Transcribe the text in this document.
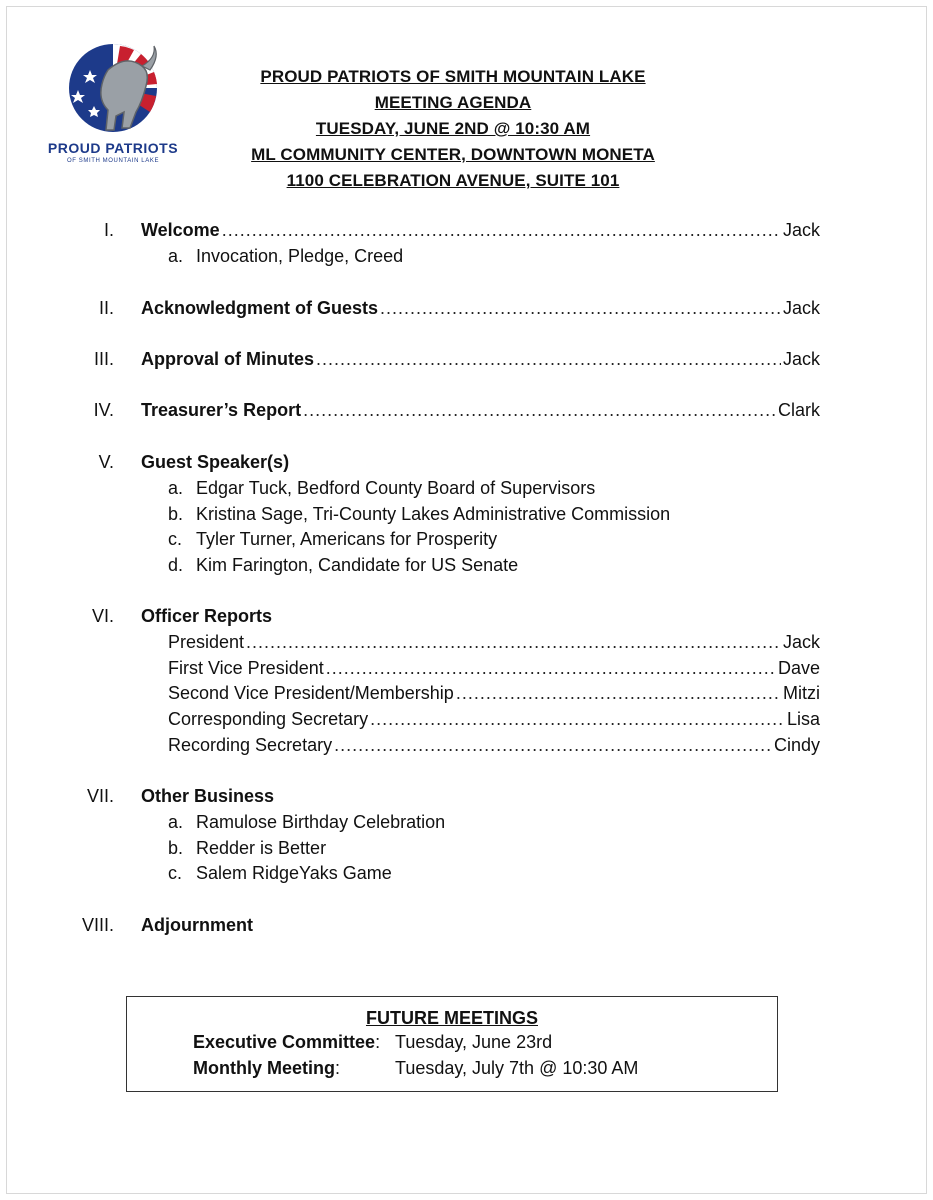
PROUD PATRIOTS
OF SMITH MOUNTAIN LAKE
PROUD PATRIOTS OF SMITH MOUNTAIN LAKE
MEETING AGENDA
TUESDAY, JUNE 2ND @ 10:30 AM
ML COMMUNITY CENTER, DOWNTOWN MONETA
1100 CELEBRATION AVENUE, SUITE 101
I. Welcome .....	Jack
a. Invocation, Pledge, Creed
II. Acknowledgment of Guests .....	Jack
III. Approval of Minutes .....	Jack
IV. Treasurer’s Report .....	Clark
V. Guest Speaker(s)
a. Edgar Tuck, Bedford County Board of Supervisors
b. Kristina Sage, Tri-County Lakes Administrative Commission
c. Tyler Turner, Americans for Prosperity
d. Kim Farington, Candidate for US Senate
VI. Officer Reports
President .....	Jack
First Vice President .....	Dave
Second Vice President/Membership .....	Mitzi
Corresponding Secretary .....	Lisa
Recording Secretary .....	Cindy
VII. Other Business
a. Ramulose Birthday Celebration
b. Redder is Better
c. Salem RidgeYaks Game
VIII. Adjournment
FUTURE MEETINGS
Executive Committee: Tuesday, June 23rd
Monthly Meeting:	Tuesday, July 7th @ 10:30 AM
